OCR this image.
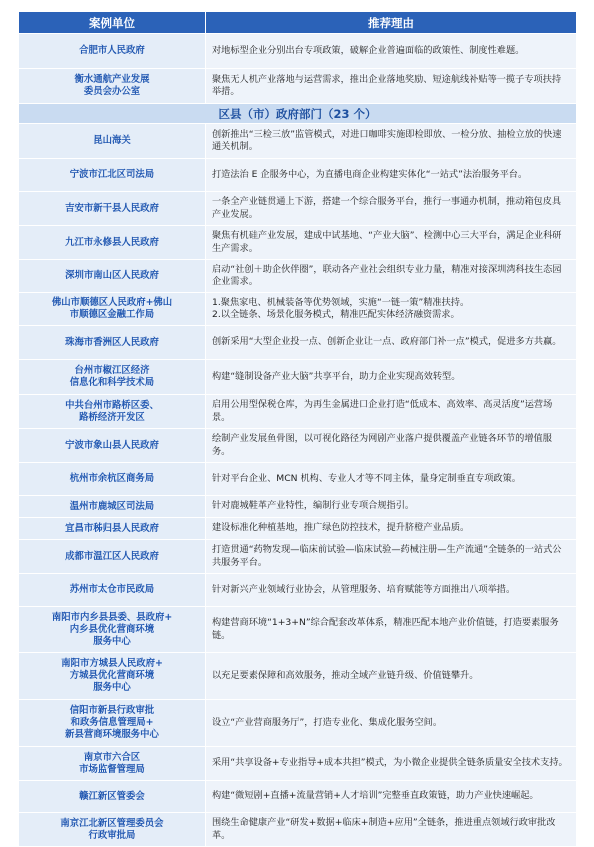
案例单位	推荐理由
合肥市人民政府	对地标型企业分别出台专项政策，破解企业普遍面临的政策性、制度性难题。
衡水通航产业发展
委员会办公室	聚焦无人机产业落地与运营需求，推出企业落地奖励、短途航线补贴等一揽子专项扶持举措。
区县（市）政府部门（23 个）	
昆山海关	创新推出“三检三放”监管模式，对进口咖啡实施即检即放、一检分放、抽检立放的快速通关机制。
宁波市江北区司法局	打造法治 E 企服务中心，为直播电商企业构建实体化“一站式”法治服务平台。
吉安市新干县人民政府	一条全产业链贯通上下游，搭建一个综合服务平台，推行一事通办机制，推动箱包皮具产业发展。
九江市永修县人民政府	聚焦有机硅产业发展，建成中试基地、“产业大脑”、检测中心三大平台，满足企业科研生产需求。
深圳市南山区人民政府	启动“社创＋助企伙伴圈”，联动各产业社会组织专业力量，精准对接深圳湾科技生态园企业需求。
佛山市顺德区人民政府+佛山
市顺德区金融工作局	1.聚焦家电、机械装备等优势领域，实施“一链一策”精准扶持。
2.以全链条、场景化服务模式，精准匹配实体经济融资需求。
珠海市香洲区人民政府	创新采用“大型企业投一点、创新企业让一点、政府部门补一点”模式，促进多方共赢。
台州市椒江区经济
信息化和科学技术局	构建“缝制设备产业大脑”共享平台，助力企业实现高效转型。
中共台州市路桥区委、
路桥经济开发区	启用公用型保税仓库，为再生金属进口企业打造“低成本、高效率、高灵活度”运营场景。
宁波市象山县人民政府	绘制产业发展鱼骨图，以可视化路径为网剧产业落户提供覆盖产业链各环节的增值服务。
杭州市余杭区商务局	针对平台企业、MCN 机构、专业人才等不同主体，量身定制垂直专项政策。
温州市鹿城区司法局	针对鹿城鞋革产业特性，编制行业专项合规指引。
宜昌市秭归县人民政府	建设标准化种植基地，推广绿色防控技术，提升脐橙产业品质。
成都市温江区人民政府	打造贯通“药物发现—临床前试验—临床试验—药械注册—生产流通”全链条的一站式公共服务平台。
苏州市太仓市民政局	针对新兴产业领域行业协会，从管理服务、培育赋能等方面推出八项举措。
南阳市内乡县县委、县政府+
内乡县优化营商环境
服务中心	构建营商环境“1+3+N”综合配套改革体系，精准匹配本地产业价值链，打造要素服务链。
南阳市方城县人民政府+
方城县优化营商环境
服务中心	以充足要素保障和高效服务，推动全域产业链升级、价值链攀升。
信阳市新县行政审批
和政务信息管理局+
新县营商环境服务中心	设立“产业营商服务厅”，打造专业化、集成化服务空间。
南京市六合区
市场监督管理局	采用“共享设备+专业指导+成本共担”模式，为小微企业提供全链条质量安全技术支持。
赣江新区管委会	构建“微短剧+直播+流量营销+人才培训”完整垂直政策链，助力产业快速崛起。
南京江北新区管理委员会
行政审批局	围绕生命健康产业“研发+数据+临床+制造+应用”全链条，推进重点领域行政审批改革。
